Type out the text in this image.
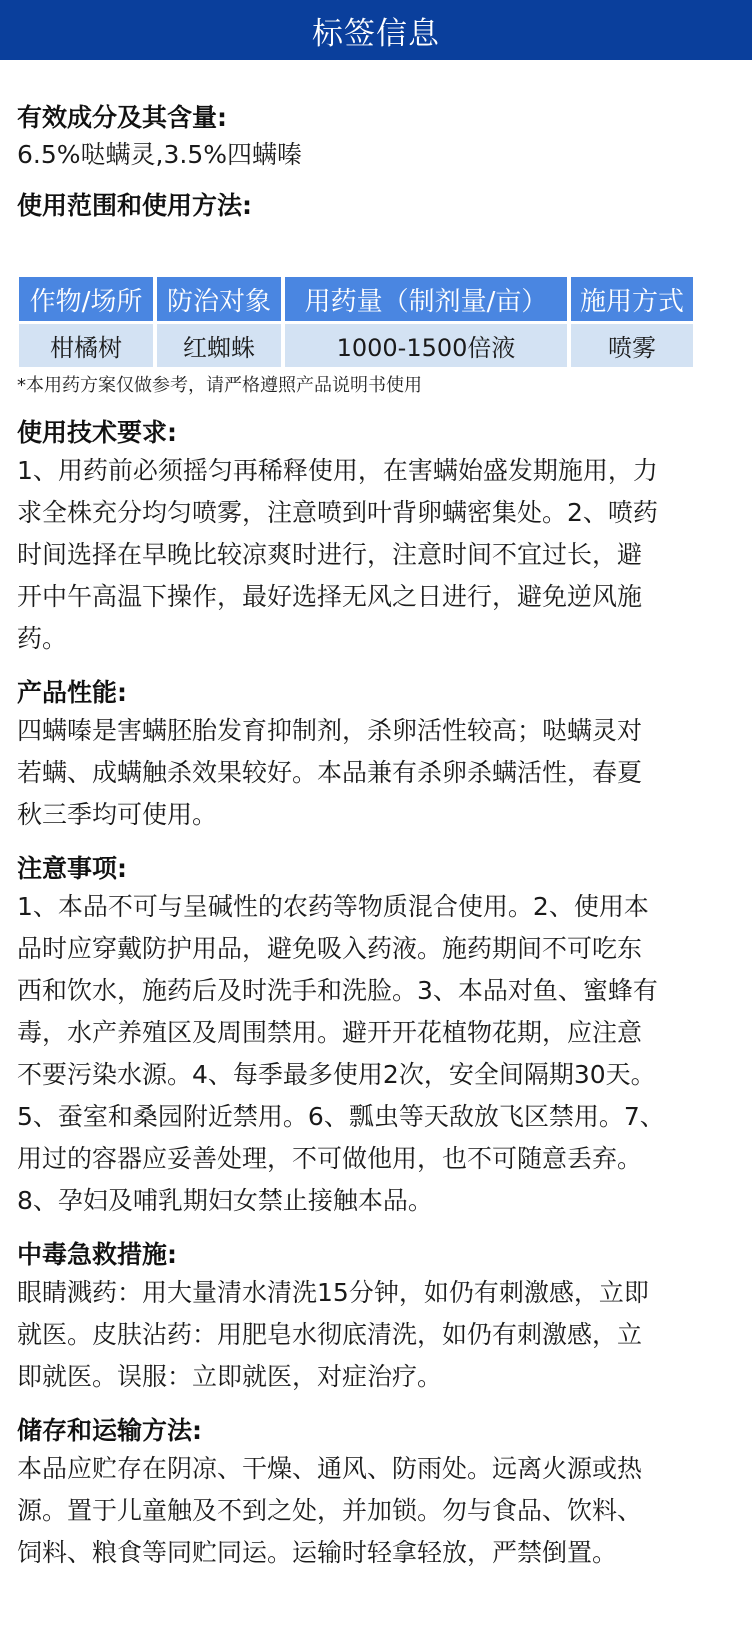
标签信息
有效成分及其含量:
6.5%哒螨灵,3.5%四螨嗪
使用范围和使用方法:
作物/场所	防治对象	用药量（制剂量/亩）	施用方式
柑橘树	红蜘蛛	1000-1500倍液	喷雾
*本用药方案仅做参考，请严格遵照产品说明书使用
使用技术要求:
1、用药前必须摇匀再稀释使用，在害螨始盛发期施用，力
求全株充分均匀喷雾，注意喷到叶背卵螨密集处。2、喷药
时间选择在早晚比较凉爽时进行，注意时间不宜过长，避
开中午高温下操作，最好选择无风之日进行，避免逆风施
药。
产品性能:
四螨嗪是害螨胚胎发育抑制剂，杀卵活性较高；哒螨灵对
若螨、成螨触杀效果较好。本品兼有杀卵杀螨活性，春夏
秋三季均可使用。
注意事项:
1、本品不可与呈碱性的农药等物质混合使用。2、使用本
品时应穿戴防护用品，避免吸入药液。施药期间不可吃东
西和饮水，施药后及时洗手和洗脸。3、本品对鱼、蜜蜂有
毒，水产养殖区及周围禁用。避开开花植物花期，应注意
不要污染水源。4、每季最多使用2次，安全间隔期30天。
5、蚕室和桑园附近禁用。6、瓢虫等天敌放飞区禁用。7、
用过的容器应妥善处理，不可做他用，也不可随意丢弃。
8、孕妇及哺乳期妇女禁止接触本品。
中毒急救措施:
眼睛溅药：用大量清水清洗15分钟，如仍有刺激感，立即
就医。皮肤沾药：用肥皂水彻底清洗，如仍有刺激感，立
即就医。误服：立即就医，对症治疗。
储存和运输方法:
本品应贮存在阴凉、干燥、通风、防雨处。远离火源或热
源。置于儿童触及不到之处，并加锁。勿与食品、饮料、
饲料、粮食等同贮同运。运输时轻拿轻放，严禁倒置。
